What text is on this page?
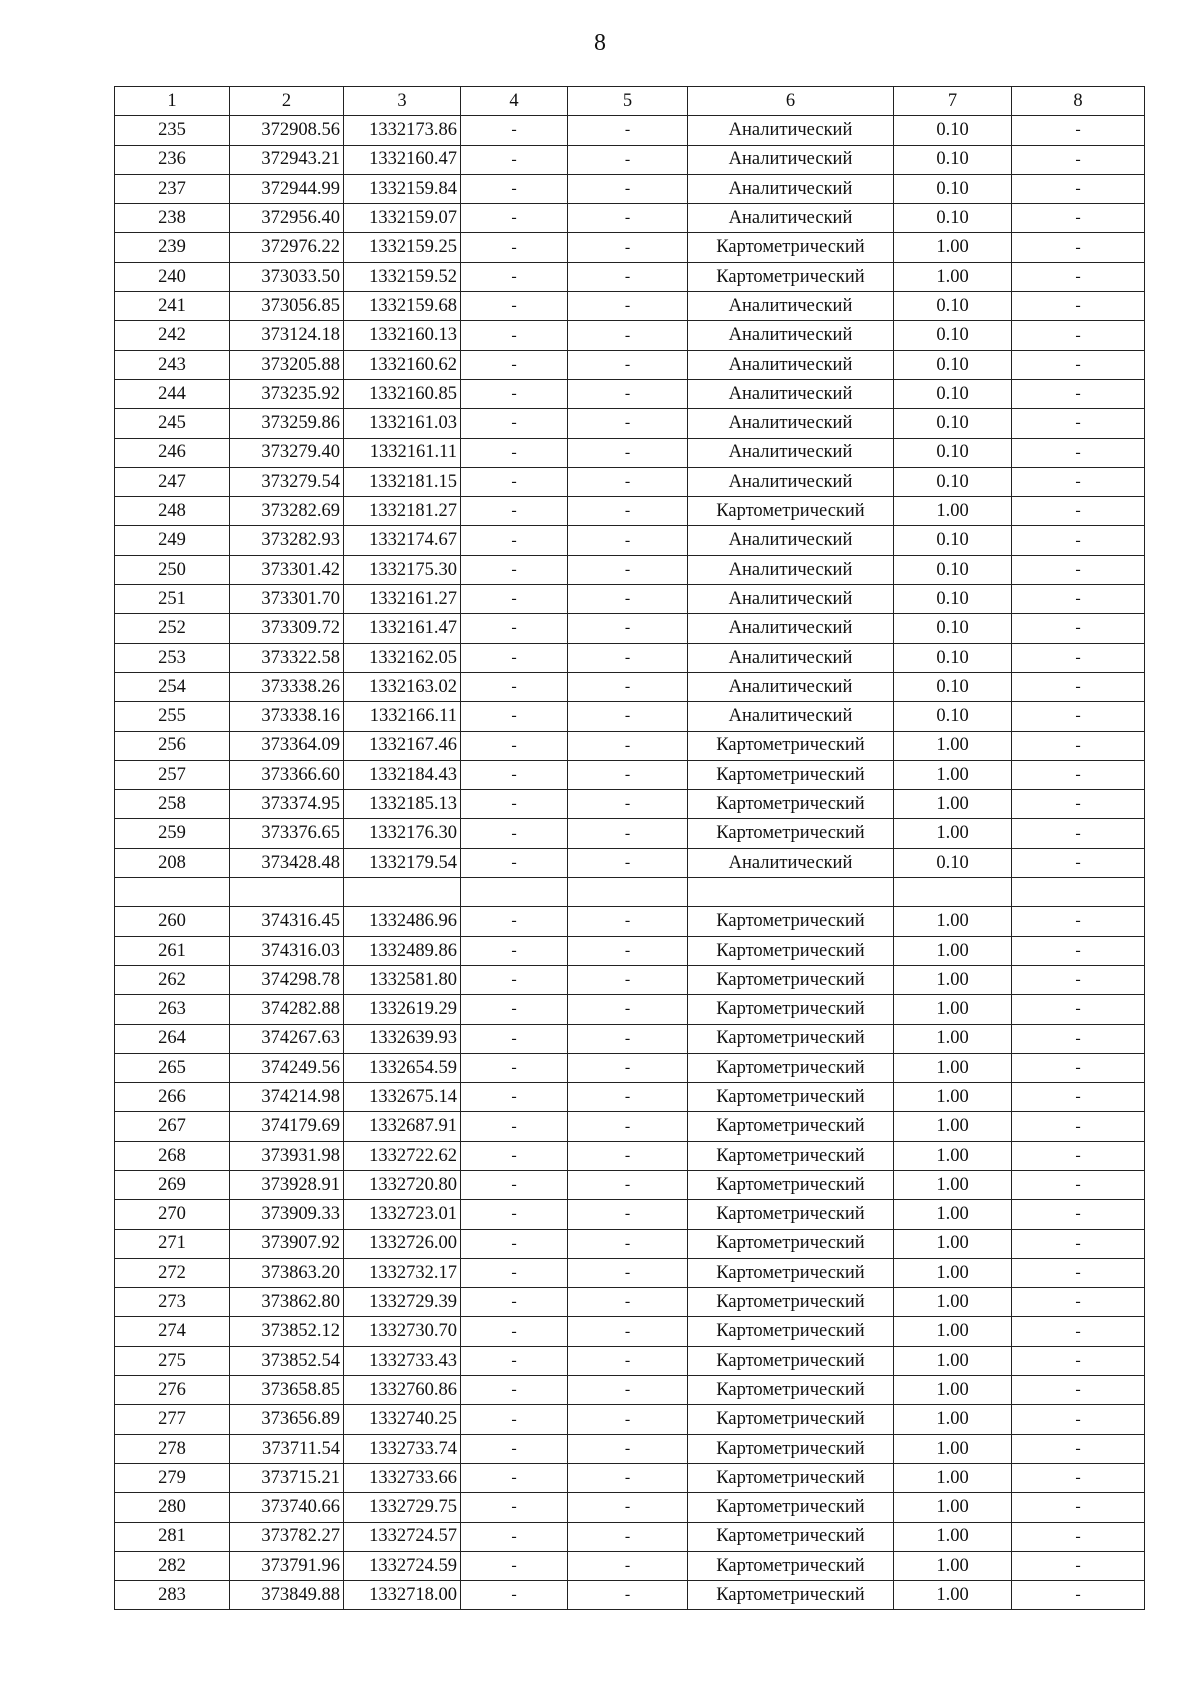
8
1	2	3	4	5	6	7	8
235	372908.56	1332173.86	-	-	Аналитический	0.10	-
236	372943.21	1332160.47	-	-	Аналитический	0.10	-
237	372944.99	1332159.84	-	-	Аналитический	0.10	-
238	372956.40	1332159.07	-	-	Аналитический	0.10	-
239	372976.22	1332159.25	-	-	Картометрический	1.00	-
240	373033.50	1332159.52	-	-	Картометрический	1.00	-
241	373056.85	1332159.68	-	-	Аналитический	0.10	-
242	373124.18	1332160.13	-	-	Аналитический	0.10	-
243	373205.88	1332160.62	-	-	Аналитический	0.10	-
244	373235.92	1332160.85	-	-	Аналитический	0.10	-
245	373259.86	1332161.03	-	-	Аналитический	0.10	-
246	373279.40	1332161.11	-	-	Аналитический	0.10	-
247	373279.54	1332181.15	-	-	Аналитический	0.10	-
248	373282.69	1332181.27	-	-	Картометрический	1.00	-
249	373282.93	1332174.67	-	-	Аналитический	0.10	-
250	373301.42	1332175.30	-	-	Аналитический	0.10	-
251	373301.70	1332161.27	-	-	Аналитический	0.10	-
252	373309.72	1332161.47	-	-	Аналитический	0.10	-
253	373322.58	1332162.05	-	-	Аналитический	0.10	-
254	373338.26	1332163.02	-	-	Аналитический	0.10	-
255	373338.16	1332166.11	-	-	Аналитический	0.10	-
256	373364.09	1332167.46	-	-	Картометрический	1.00	-
257	373366.60	1332184.43	-	-	Картометрический	1.00	-
258	373374.95	1332185.13	-	-	Картометрический	1.00	-
259	373376.65	1332176.30	-	-	Картометрический	1.00	-
208	373428.48	1332179.54	-	-	Аналитический	0.10	-

260	374316.45	1332486.96	-	-	Картометрический	1.00	-
261	374316.03	1332489.86	-	-	Картометрический	1.00	-
262	374298.78	1332581.80	-	-	Картометрический	1.00	-
263	374282.88	1332619.29	-	-	Картометрический	1.00	-
264	374267.63	1332639.93	-	-	Картометрический	1.00	-
265	374249.56	1332654.59	-	-	Картометрический	1.00	-
266	374214.98	1332675.14	-	-	Картометрический	1.00	-
267	374179.69	1332687.91	-	-	Картометрический	1.00	-
268	373931.98	1332722.62	-	-	Картометрический	1.00	-
269	373928.91	1332720.80	-	-	Картометрический	1.00	-
270	373909.33	1332723.01	-	-	Картометрический	1.00	-
271	373907.92	1332726.00	-	-	Картометрический	1.00	-
272	373863.20	1332732.17	-	-	Картометрический	1.00	-
273	373862.80	1332729.39	-	-	Картометрический	1.00	-
274	373852.12	1332730.70	-	-	Картометрический	1.00	-
275	373852.54	1332733.43	-	-	Картометрический	1.00	-
276	373658.85	1332760.86	-	-	Картометрический	1.00	-
277	373656.89	1332740.25	-	-	Картометрический	1.00	-
278	373711.54	1332733.74	-	-	Картометрический	1.00	-
279	373715.21	1332733.66	-	-	Картометрический	1.00	-
280	373740.66	1332729.75	-	-	Картометрический	1.00	-
281	373782.27	1332724.57	-	-	Картометрический	1.00	-
282	373791.96	1332724.59	-	-	Картометрический	1.00	-
283	373849.88	1332718.00	-	-	Картометрический	1.00	-
